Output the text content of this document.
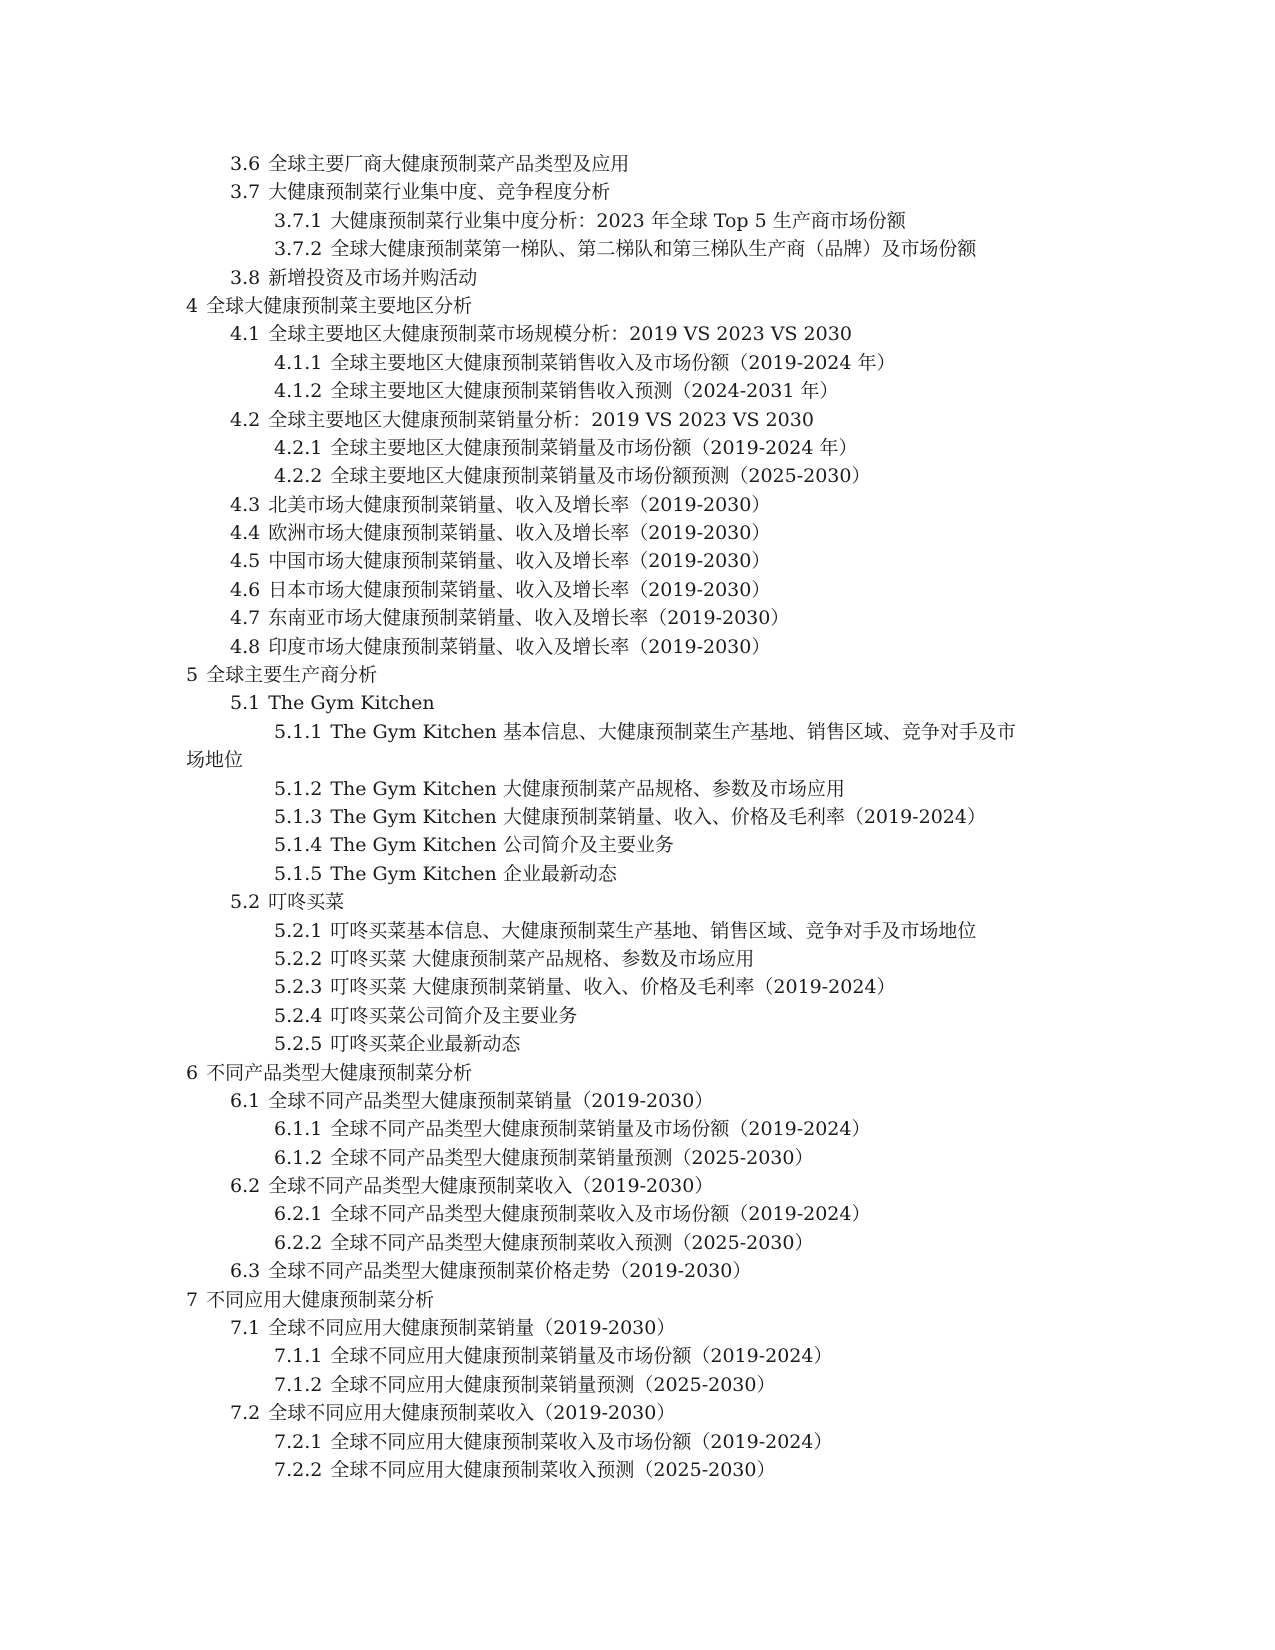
3.6 全球主要厂商大健康预制菜产品类型及应用
3.7 大健康预制菜行业集中度、竞争程度分析
3.7.1 大健康预制菜行业集中度分析：2023 年全球 Top 5 生产商市场份额
3.7.2 全球大健康预制菜第一梯队、第二梯队和第三梯队生产商（品牌）及市场份额
3.8 新增投资及市场并购活动
4 全球大健康预制菜主要地区分析
4.1 全球主要地区大健康预制菜市场规模分析：2019 VS 2023 VS 2030
4.1.1 全球主要地区大健康预制菜销售收入及市场份额（2019-2024 年）
4.1.2 全球主要地区大健康预制菜销售收入预测（2024-2031 年）
4.2 全球主要地区大健康预制菜销量分析：2019 VS 2023 VS 2030
4.2.1 全球主要地区大健康预制菜销量及市场份额（2019-2024 年）
4.2.2 全球主要地区大健康预制菜销量及市场份额预测（2025-2030）
4.3 北美市场大健康预制菜销量、收入及增长率（2019-2030）
4.4 欧洲市场大健康预制菜销量、收入及增长率（2019-2030）
4.5 中国市场大健康预制菜销量、收入及增长率（2019-2030）
4.6 日本市场大健康预制菜销量、收入及增长率（2019-2030）
4.7 东南亚市场大健康预制菜销量、收入及增长率（2019-2030）
4.8 印度市场大健康预制菜销量、收入及增长率（2019-2030）
5 全球主要生产商分析
5.1 The Gym Kitchen
5.1.1 The Gym Kitchen 基本信息、大健康预制菜生产基地、销售区域、竞争对手及市
场地位
5.1.2 The Gym Kitchen 大健康预制菜产品规格、参数及市场应用
5.1.3 The Gym Kitchen 大健康预制菜销量、收入、价格及毛利率（2019-2024）
5.1.4 The Gym Kitchen 公司简介及主要业务
5.1.5 The Gym Kitchen 企业最新动态
5.2 叮咚买菜
5.2.1 叮咚买菜基本信息、大健康预制菜生产基地、销售区域、竞争对手及市场地位
5.2.2 叮咚买菜 大健康预制菜产品规格、参数及市场应用
5.2.3 叮咚买菜 大健康预制菜销量、收入、价格及毛利率（2019-2024）
5.2.4 叮咚买菜公司简介及主要业务
5.2.5 叮咚买菜企业最新动态
6 不同产品类型大健康预制菜分析
6.1 全球不同产品类型大健康预制菜销量（2019-2030）
6.1.1 全球不同产品类型大健康预制菜销量及市场份额（2019-2024）
6.1.2 全球不同产品类型大健康预制菜销量预测（2025-2030）
6.2 全球不同产品类型大健康预制菜收入（2019-2030）
6.2.1 全球不同产品类型大健康预制菜收入及市场份额（2019-2024）
6.2.2 全球不同产品类型大健康预制菜收入预测（2025-2030）
6.3 全球不同产品类型大健康预制菜价格走势（2019-2030）
7 不同应用大健康预制菜分析
7.1 全球不同应用大健康预制菜销量（2019-2030）
7.1.1 全球不同应用大健康预制菜销量及市场份额（2019-2024）
7.1.2 全球不同应用大健康预制菜销量预测（2025-2030）
7.2 全球不同应用大健康预制菜收入（2019-2030）
7.2.1 全球不同应用大健康预制菜收入及市场份额（2019-2024）
7.2.2 全球不同应用大健康预制菜收入预测（2025-2030）
